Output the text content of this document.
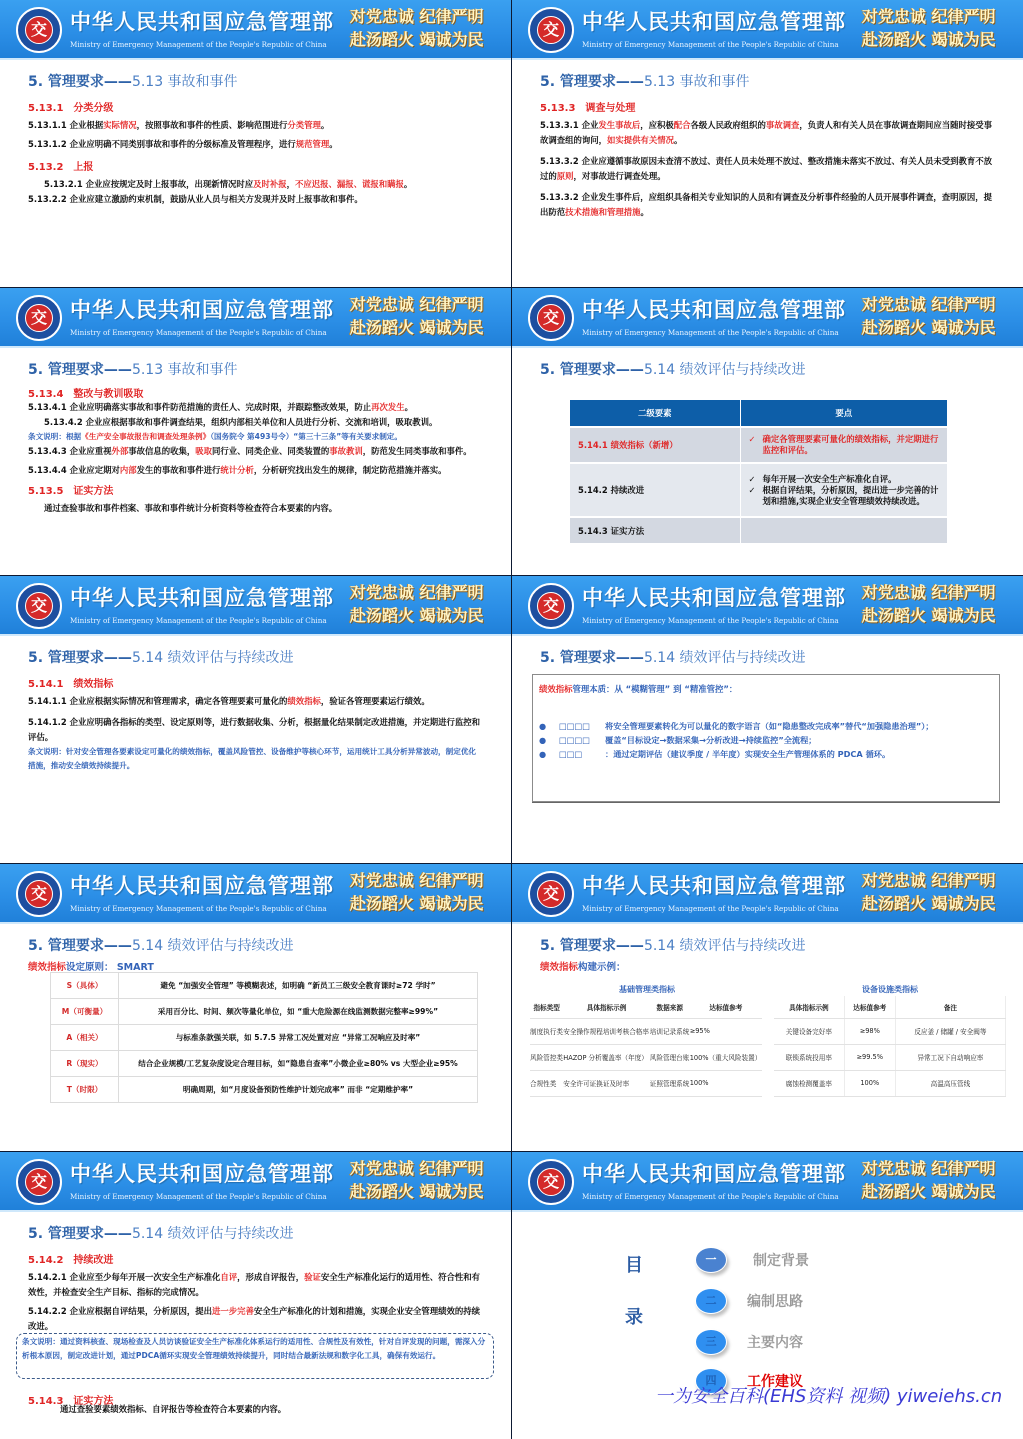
交 中华人民共和国应急管理部
Ministry of Emergency Management of the People's Republic of China
对党忠诚 纪律严明
赴汤蹈火 竭诚为民
5. 管理要求——5.13 事故和事件
5.13.1　分类分级
5.13.1.1 企业根据实际情况，按照事故和事件的性质、影响范围进行分类管理。
5.13.1.2 企业应明确不同类别事故和事件的分级标准及管理程序，进行规范管理。
5.13.2　上报
5.13.2.1 企业应按规定及时上报事故，出现新情况时应及时补报，不应迟报、漏报、谎报和瞒报。
5.13.2.2 企业应建立激励约束机制，鼓励从业人员与相关方发现并及时上报事故和事件。
交 中华人民共和国应急管理部
Ministry of Emergency Management of the People's Republic of China
对党忠诚 纪律严明
赴汤蹈火 竭诚为民
5. 管理要求——5.13 事故和事件
5.13.3　调查与处理
5.13.3.1 企业发生事故后，应积极配合各级人民政府组织的事故调查，负责人和有关人员在事故调查期间应当随时接受事故调查组的询问，如实提供有关情况。
5.13.3.2 企业应遵循事故原因未查清不放过、责任人员未处理不放过、整改措施未落实不放过、有关人员未受到教育不放过的原则，对事故进行调查处理。
5.13.3.2 企业发生事件后，应组织具备相关专业知识的人员和有调查及分析事件经验的人员开展事件调查，查明原因，提出防范技术措施和管理措施。
交 中华人民共和国应急管理部
Ministry of Emergency Management of the People's Republic of China
对党忠诚 纪律严明
赴汤蹈火 竭诚为民
5. 管理要求——5.13 事故和事件
5.13.4　整改与教训吸取
5.13.4.1 企业应明确落实事故和事件防范措施的责任人、完成时限，并跟踪整改效果，防止再次发生。
5.13.4.2 企业应根据事故和事件调查结果，组织内部相关单位和人员进行分析、交流和培训，吸取教训。
条文说明：根据《生产安全事故报告和调查处理条例》（国务院令 第493号令）“第三十三条”等有关要求制定。
5.13.4.3 企业应重视外部事故信息的收集，吸取同行业、同类企业、同类装置的事故教训，防范发生同类事故和事件。
5.13.4.4 企业应定期对内部发生的事故和事件进行统计分析，分析研究找出发生的规律，制定防范措施并落实。
5.13.5　证实方法
通过查验事故和事件档案、事故和事件统计分析资料等检查符合本要素的内容。
交 中华人民共和国应急管理部
Ministry of Emergency Management of the People's Republic of China
对党忠诚 纪律严明
赴汤蹈火 竭诚为民
5. 管理要求——5.14 绩效评估与持续改进
二级要素	要点
5.14.1 绩效指标（新增）	✓ 确定各管理要素可量化的绩效指标，并定期进行监控和评估。

5.14.2 持续改进	✓ 每年开展一次安全生产标准化自评。
✓ 根据自评结果，分析原因，提出进一步完善的计划和措施,实现企业安全管理绩效持续改进。

5.14.3 证实方法	
交 中华人民共和国应急管理部
Ministry of Emergency Management of the People's Republic of China
对党忠诚 纪律严明
赴汤蹈火 竭诚为民
5. 管理要求——5.14 绩效评估与持续改进
5.14.1　绩效指标
5.14.1.1 企业应根据实际情况和管理需求，确定各管理要素可量化的绩效指标，验证各管理要素运行绩效。
5.14.1.2 企业应明确各指标的类型、设定原则等，进行数据收集、分析，根据量化结果制定改进措施，并定期进行监控和评估。
条文说明：针对安全管理各要素设定可量化的绩效指标，覆盖风险管控、设备维护等核心环节，运用统计工具分析异常波动，制定优化措施，推动安全绩效持续提升。
交 中华人民共和国应急管理部
Ministry of Emergency Management of the People's Republic of China
对党忠诚 纪律严明
赴汤蹈火 竭诚为民
5. 管理要求——5.14 绩效评估与持续改进
绩效指标管理本质：从 “模糊管理” 到 “精准管控”：
●	□□□□	将安全管理要素转化为可以量化的数字语言（如“隐患整改完成率”替代“加强隐患治理”）；
●	□□□□	覆盖“目标设定→数据采集→分析改进→持续监控”全流程；
●	□□□	：通过定期评估（建议季度 / 半年度）实现安全生产管理体系的 PDCA 循环。
交 中华人民共和国应急管理部
Ministry of Emergency Management of the People's Republic of China
对党忠诚 纪律严明
赴汤蹈火 竭诚为民
5. 管理要求——5.14 绩效评估与持续改进
绩效指标设定原则： SMART
S（具体）	避免 “加强安全管理” 等模糊表述，如明确 “新员工三级安全教育课时≥72 学时”
M（可衡量）	采用百分比、时间、频次等量化单位，如 “重大危险源在线监测数据完整率≥99%”
A（相关）	与标准条款强关联，如 5.7.5 异常工况处置对应 “异常工况响应及时率”
R（现实）	结合企业规模/工艺复杂度设定合理目标，如“隐患自查率”小微企业≥80% vs 大型企业≥95%
T（时限）	明确周期，如“月度设备预防性维护计划完成率” 而非 “定期维护率”
交 中华人民共和国应急管理部
Ministry of Emergency Management of the People's Republic of China
对党忠诚 纪律严明
赴汤蹈火 竭诚为民
5. 管理要求——5.14 绩效评估与持续改进
绩效指标构建示例：
基础管理类指标
指标类型	具体指标示例	数据来源	达标值参考
制度执行类	安全操作规程培训考核合格率	培训记录系统	≥95%
风险管控类	HAZOP 分析覆盖率（年度）	风险管理台账	100%（重大风险装置）
合规性类	安全许可证换证及时率	证照管理系统	100%
设备设施类指标
具体指标示例	达标值参考	备注
关键设备完好率	≥98%	反应釜 / 储罐 / 安全阀等
联锁系统投用率	≥99.5%	异常工况下自动响应率
腐蚀检测覆盖率	100%	高温高压管线
交 中华人民共和国应急管理部
Ministry of Emergency Management of the People's Republic of China
对党忠诚 纪律严明
赴汤蹈火 竭诚为民
5. 管理要求——5.14 绩效评估与持续改进
5.14.2　持续改进
5.14.2.1 企业应至少每年开展一次安全生产标准化自评，形成自评报告，验证安全生产标准化运行的适用性、符合性和有效性，并检查安全生产目标、指标的完成情况。
5.14.2.2 企业应根据自评结果，分析原因，提出进一步完善安全生产标准化的计划和措施，实现企业安全管理绩效的持续改进。
条文说明：通过资料核查、现场检查及人员访谈验证安全生产标准化体系运行的适用性、合规性及有效性，针对自评发现的问题，需深入分析根本原因，制定改进计划，通过PDCA循环实现安全管理绩效持续提升，同时结合最新法规和数字化工具，确保有效运行。
5.14.3　证实方法
通过查验要素绩效指标、自评报告等检查符合本要素的内容。
交 中华人民共和国应急管理部
Ministry of Emergency Management of the People's Republic of China
对党忠诚 纪律严明
赴汤蹈火 竭诚为民
目
录
一	制定背景
二	编制思路
三	主要内容
四	工作建议
一为安全百科(EHS资料 视频) yiweiehs.cn
